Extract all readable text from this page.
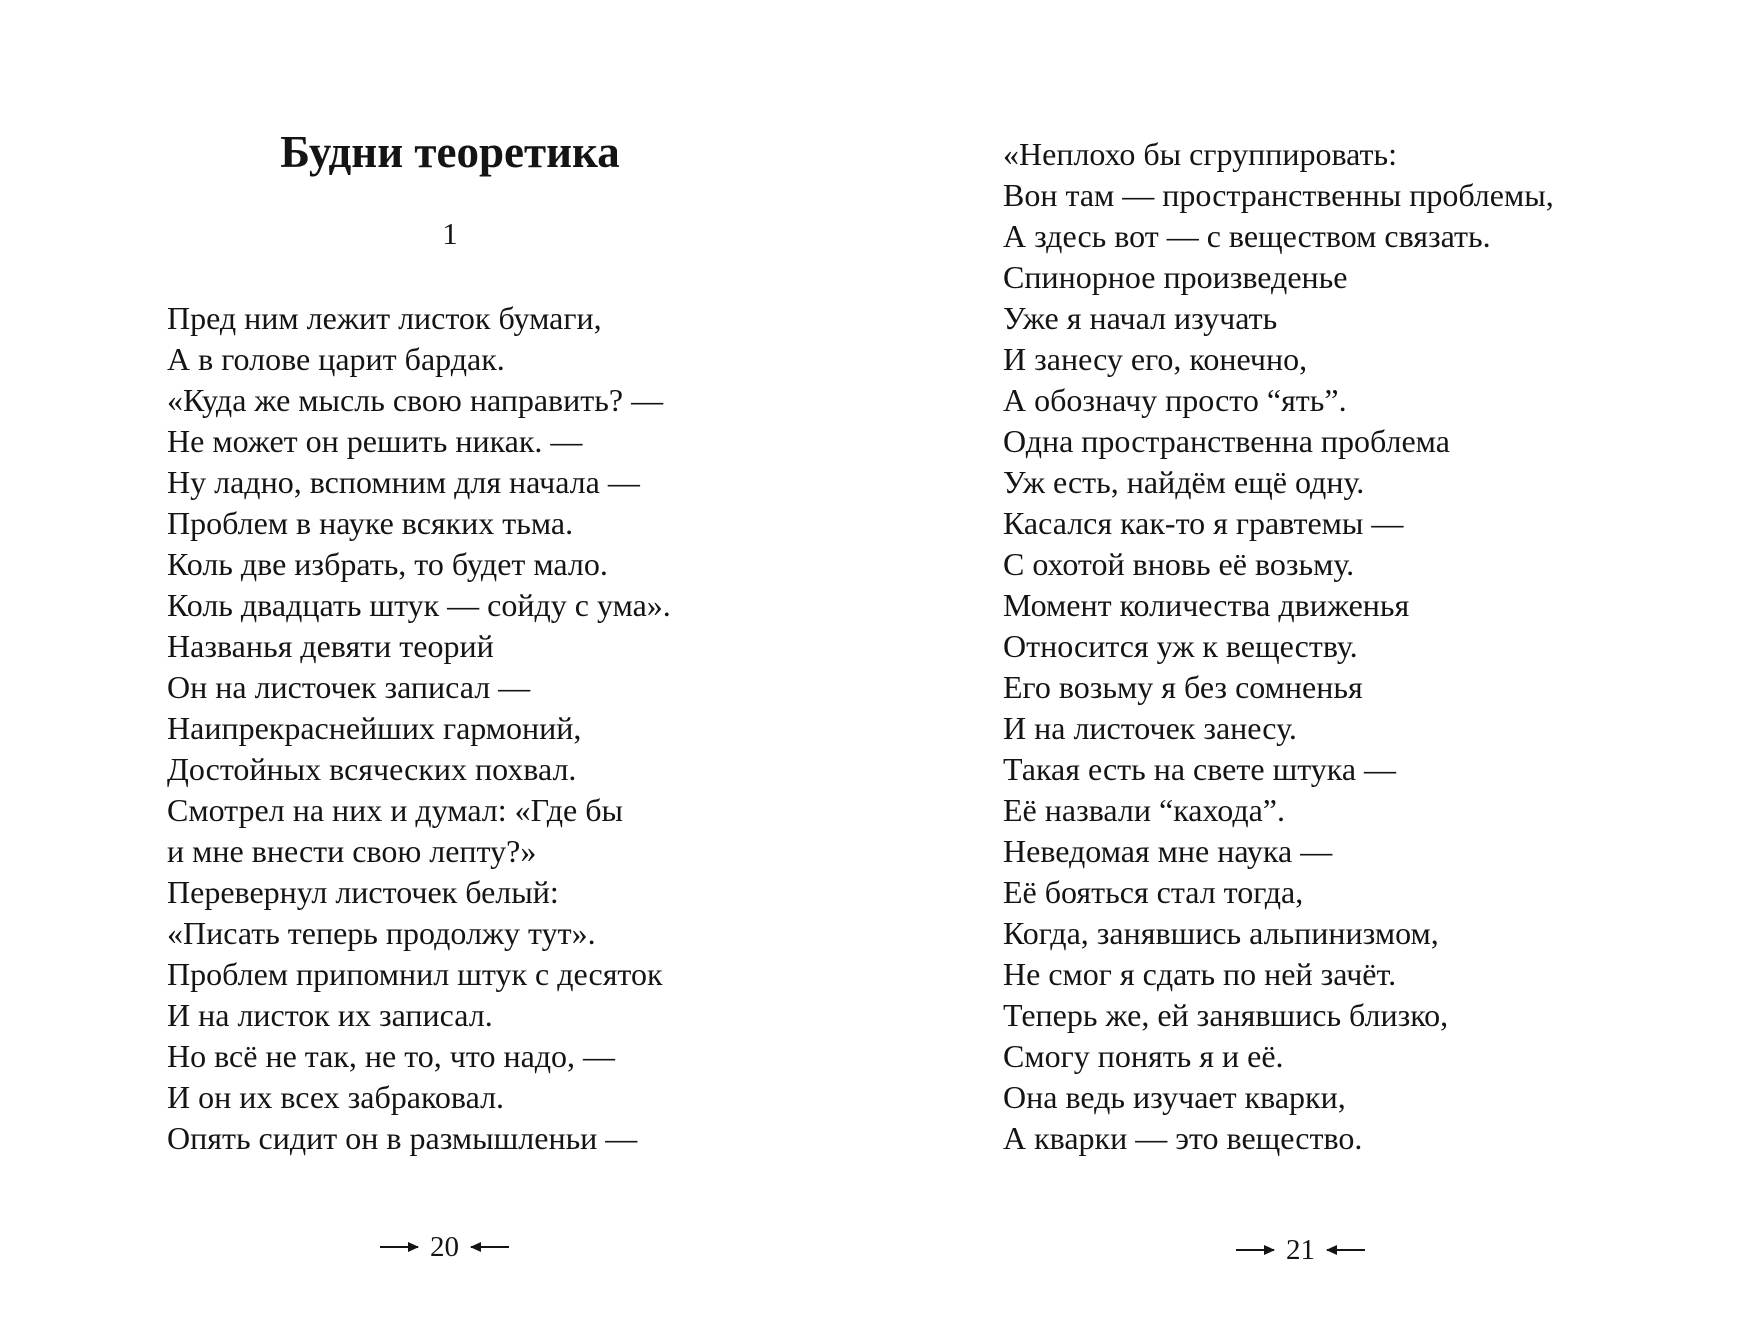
Будни теоретика
1
Пред ним лежит листок бумаги,
А в голове царит бардак.
«Куда же мысль свою направить? —
Не может он решить никак. —
Ну ладно, вспомним для начала —
Проблем в науке всяких тьма.
Коль две избрать, то будет мало.
Коль двадцать штук — сойду с ума».
Названья девяти теорий
Он на листочек записал —
Наипрекраснейших гармоний,
Достойных всяческих похвал.
Смотрел на них и думал: «Где бы
и мне внести свою лепту?»
Перевернул листочек белый:
«Писать теперь продолжу тут».
Проблем припомнил штук с десяток
И на листок их записал.
Но всё не так, не то, что надо, —
И он их всех забраковал.
Опять сидит он в размышленьи —
20
«Неплохо бы сгруппировать:
Вон там — пространственны проблемы,
А здесь вот — с веществом связать.
Спинорное произведенье
Уже я начал изучать
И занесу его, конечно,
А обозначу просто “ять”.
Одна пространственна проблема
Уж есть, найдём ещё одну.
Касался как-то я гравтемы —
С охотой вновь её возьму.
Момент количества движенья
Относится уж к веществу.
Его возьму я без сомненья
И на листочек занесу.
Такая есть на свете штука —
Её назвали “кахода”.
Неведомая мне наука —
Её бояться стал тогда,
Когда, занявшись альпинизмом,
Не смог я сдать по ней зачёт.
Теперь же, ей занявшись близко,
Смогу понять я и её.
Она ведь изучает кварки,
А кварки — это вещество.
21
